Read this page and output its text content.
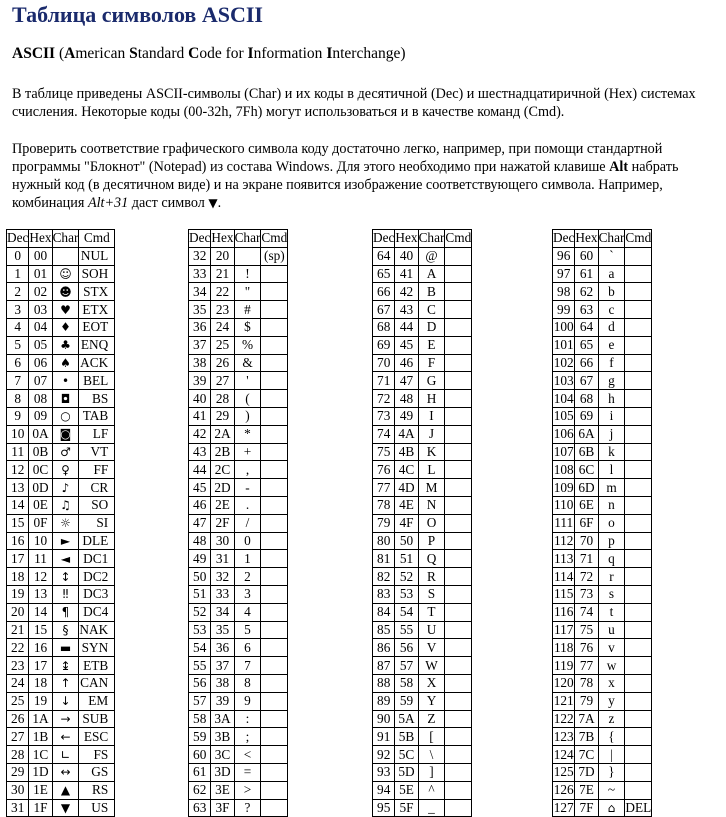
Таблица символов ASCII
ASCII (American Standard Code for Information Interchange)
В таблице приведены ASCII-символы (Char) и их коды в десятичной (Dec) и шестнадцатиричной (Hex) системах счисления. Некоторые коды (00-32h, 7Fh) могут использоваться и в качестве команд (Cmd).
Проверить соответствие графического символа коду достаточно легко, например, при помощи стандартной программы "Блокнот" (Notepad) из состава Windows. Для этого необходимо при нажатой клавише Alt набрать нужный код (в десятичном виде) и на экране появится изображение соответствующего символа. Например, комбинация Alt+31 даст символ ▼.
Dec	Hex	Char	Cmd
0	00		NUL
1	01	☺	SOH
2	02	☻	STX
3	03	♥	ETX
4	04	♦	EOT
5	05	♣	ENQ
6	06	♠	ACK
7	07	•	BEL
8	08	◘	BS
9	09	○	TAB
10	0A	◙	LF
11	0B	♂	VT
12	0C	♀	FF
13	0D	♪	CR
14	0E	♫	SO
15	0F	☼	SI
16	10	►	DLE
17	11	◄	DC1
18	12	↕	DC2
19	13	‼	DC3
20	14	¶	DC4
21	15	§	NAK
22	16	▬	SYN
23	17	↨	ETB
24	18	↑	CAN
25	19	↓	EM
26	1A	→	SUB
27	1B	←	ESC
28	1C	∟	FS
29	1D	↔	GS
30	1E	▲	RS
31	1F	▼	US
Dec	Hex	Char	Cmd
32	20		(sp)
33	21	!	
34	22	"	
35	23	#	
36	24	$	
37	25	%	
38	26	&	
39	27	'	
40	28	(	
41	29	)	
42	2A	*	
43	2B	+	
44	2C	,	
45	2D	-	
46	2E	.	
47	2F	/	
48	30	0	
49	31	1	
50	32	2	
51	33	3	
52	34	4	
53	35	5	
54	36	6	
55	37	7	
56	38	8	
57	39	9	
58	3A	:	
59	3B	;	
60	3C	<	
61	3D	=	
62	3E	>	
63	3F	?	
Dec	Hex	Char	Cmd
64	40	@	
65	41	A	
66	42	B	
67	43	C	
68	44	D	
69	45	E	
70	46	F	
71	47	G	
72	48	H	
73	49	I	
74	4A	J	
75	4B	K	
76	4C	L	
77	4D	M	
78	4E	N	
79	4F	O	
80	50	P	
81	51	Q	
82	52	R	
83	53	S	
84	54	T	
85	55	U	
86	56	V	
87	57	W	
88	58	X	
89	59	Y	
90	5A	Z	
91	5B	[	
92	5C	\	
93	5D	]	
94	5E	^	
95	5F	_	
Dec	Hex	Char	Cmd
96	60	`	
97	61	a	
98	62	b	
99	63	c	
100	64	d	
101	65	e	
102	66	f	
103	67	g	
104	68	h	
105	69	i	
106	6A	j	
107	6B	k	
108	6C	l	
109	6D	m	
110	6E	n	
111	6F	o	
112	70	p	
113	71	q	
114	72	r	
115	73	s	
116	74	t	
117	75	u	
118	76	v	
119	77	w	
120	78	x	
121	79	y	
122	7A	z	
123	7B	{	
124	7C	|	
125	7D	}	
126	7E	~	
127	7F	⌂	DEL
